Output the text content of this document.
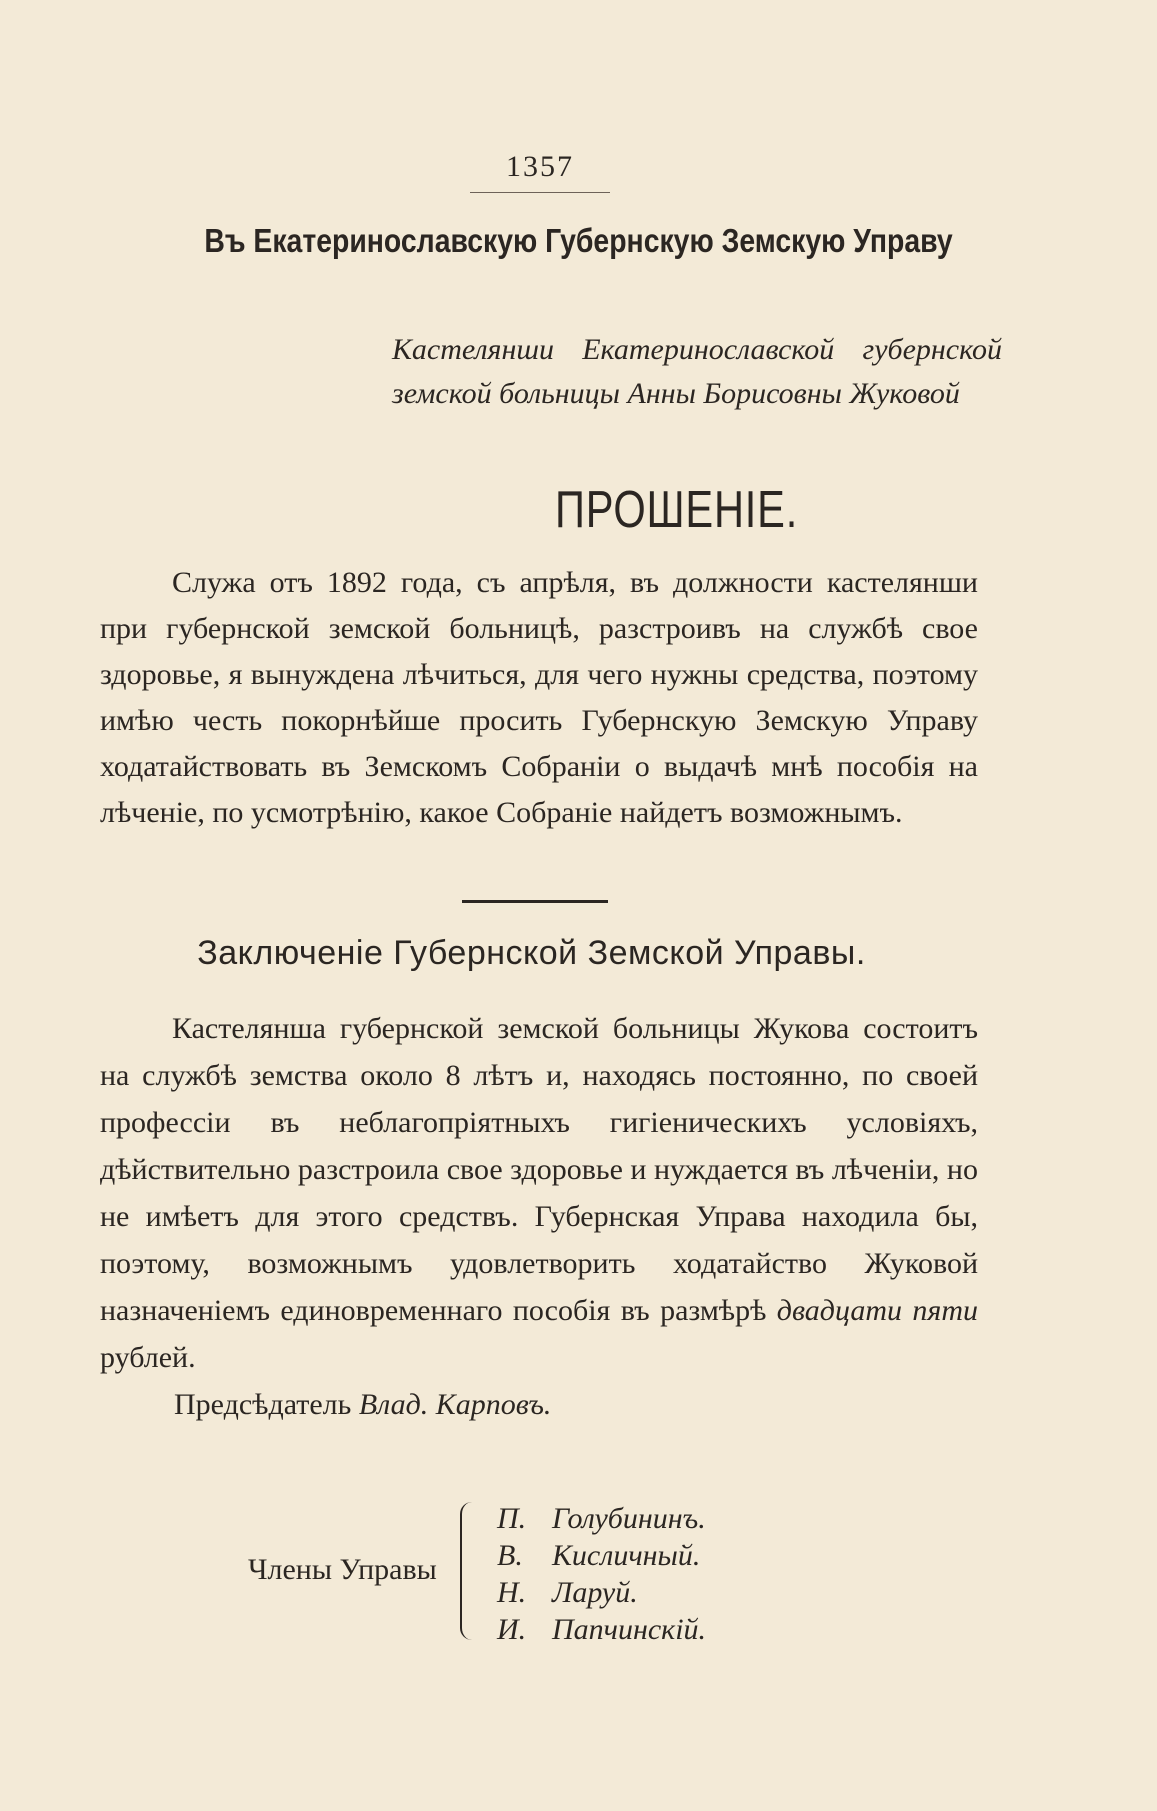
1357
Въ Екатеринославскую Губернскую Земскую Управу
Кастелянши Екатеринославской губернской земской больницы Анны Борисовны Жуковой
ПРОШЕНІЕ.

Служа отъ 1892 года, съ апрѣля, въ должности кастелянши при губернской земской больницѣ, разстроивъ на службѣ свое здоровье, я вынуждена лѣчиться, для чего нужны средства, поэтому имѣю честь покорнѣйше просить Губернскую Земскую Управу ходатайствовать въ Земскомъ Собраніи о выдачѣ мнѣ пособія на лѣченіе, по усмотрѣнію, какое Собраніе найдетъ возможнымъ.

Заключеніе Губернской Земской Управы.

Кастелянша губернской земской больницы Жукова состоитъ на службѣ земства около 8 лѣтъ и, находясь постоянно, по своей профессіи въ неблагопріятныхъ гигіеническихъ условіяхъ, дѣйствительно разстроила свое здоровье и нуждается въ лѣченіи, но не имѣетъ для этого средствъ. Губернская Управа находила бы, поэтому, возможнымъ удовлетворить ходатайство Жуковой назначеніемъ единовременнаго пособія въ размѣрѣ двадцати пяти рублей.

Предсѣдатель Влад. Карповъ.
Члены Управы
П. Голубининъ.
В. Кисличный.
Н. Ларуй.
И. Папчинскій.
